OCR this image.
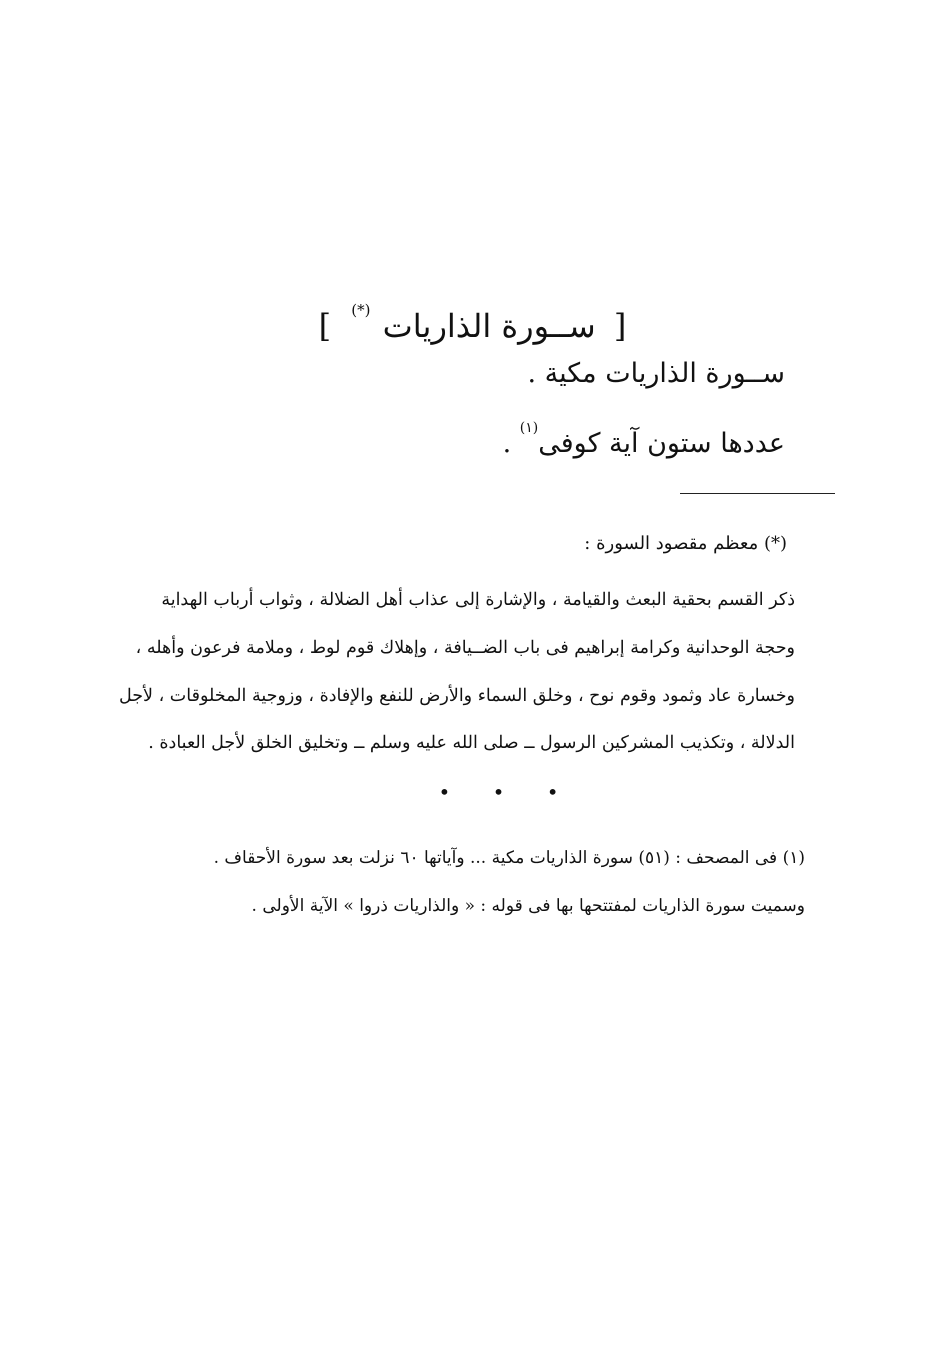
[ ســورة الذاريات (*) ]
ســورة الذاريات مكية .
عددها ستون آية كوفى$^{(١)}$ .
(*) معظم مقصود السورة :
ذكر القسم بحقية البعث والقيامة ، والإشارة إلى عذاب أهل الضلالة ، وثواب أرباب الهداية
وحجة الوحدانية وكرامة إبراهيم فى باب الضــيافة ، وإهلاك قوم لوط ، وملامة فرعون وأهله ،
وخسارة عاد وثمود وقوم نوح ، وخلق السماء والأرض للنفع والإفادة ، وزوجية المخلوقات ، لأجل
الدلالة ، وتكذيب المشركين الرسول ــ صلى الله عليه وسلم ــ وتخليق الخلق لأجل العبادة .
• • •
(١) فى المصحف : (٥١) سورة الذاريات مكية ... وآياتها ٦٠ نزلت بعد سورة الأحقاف .
وسميت سورة الذاريات لمفتتحها بها فى قوله : « والذاريات ذروا » الآية الأولى .
